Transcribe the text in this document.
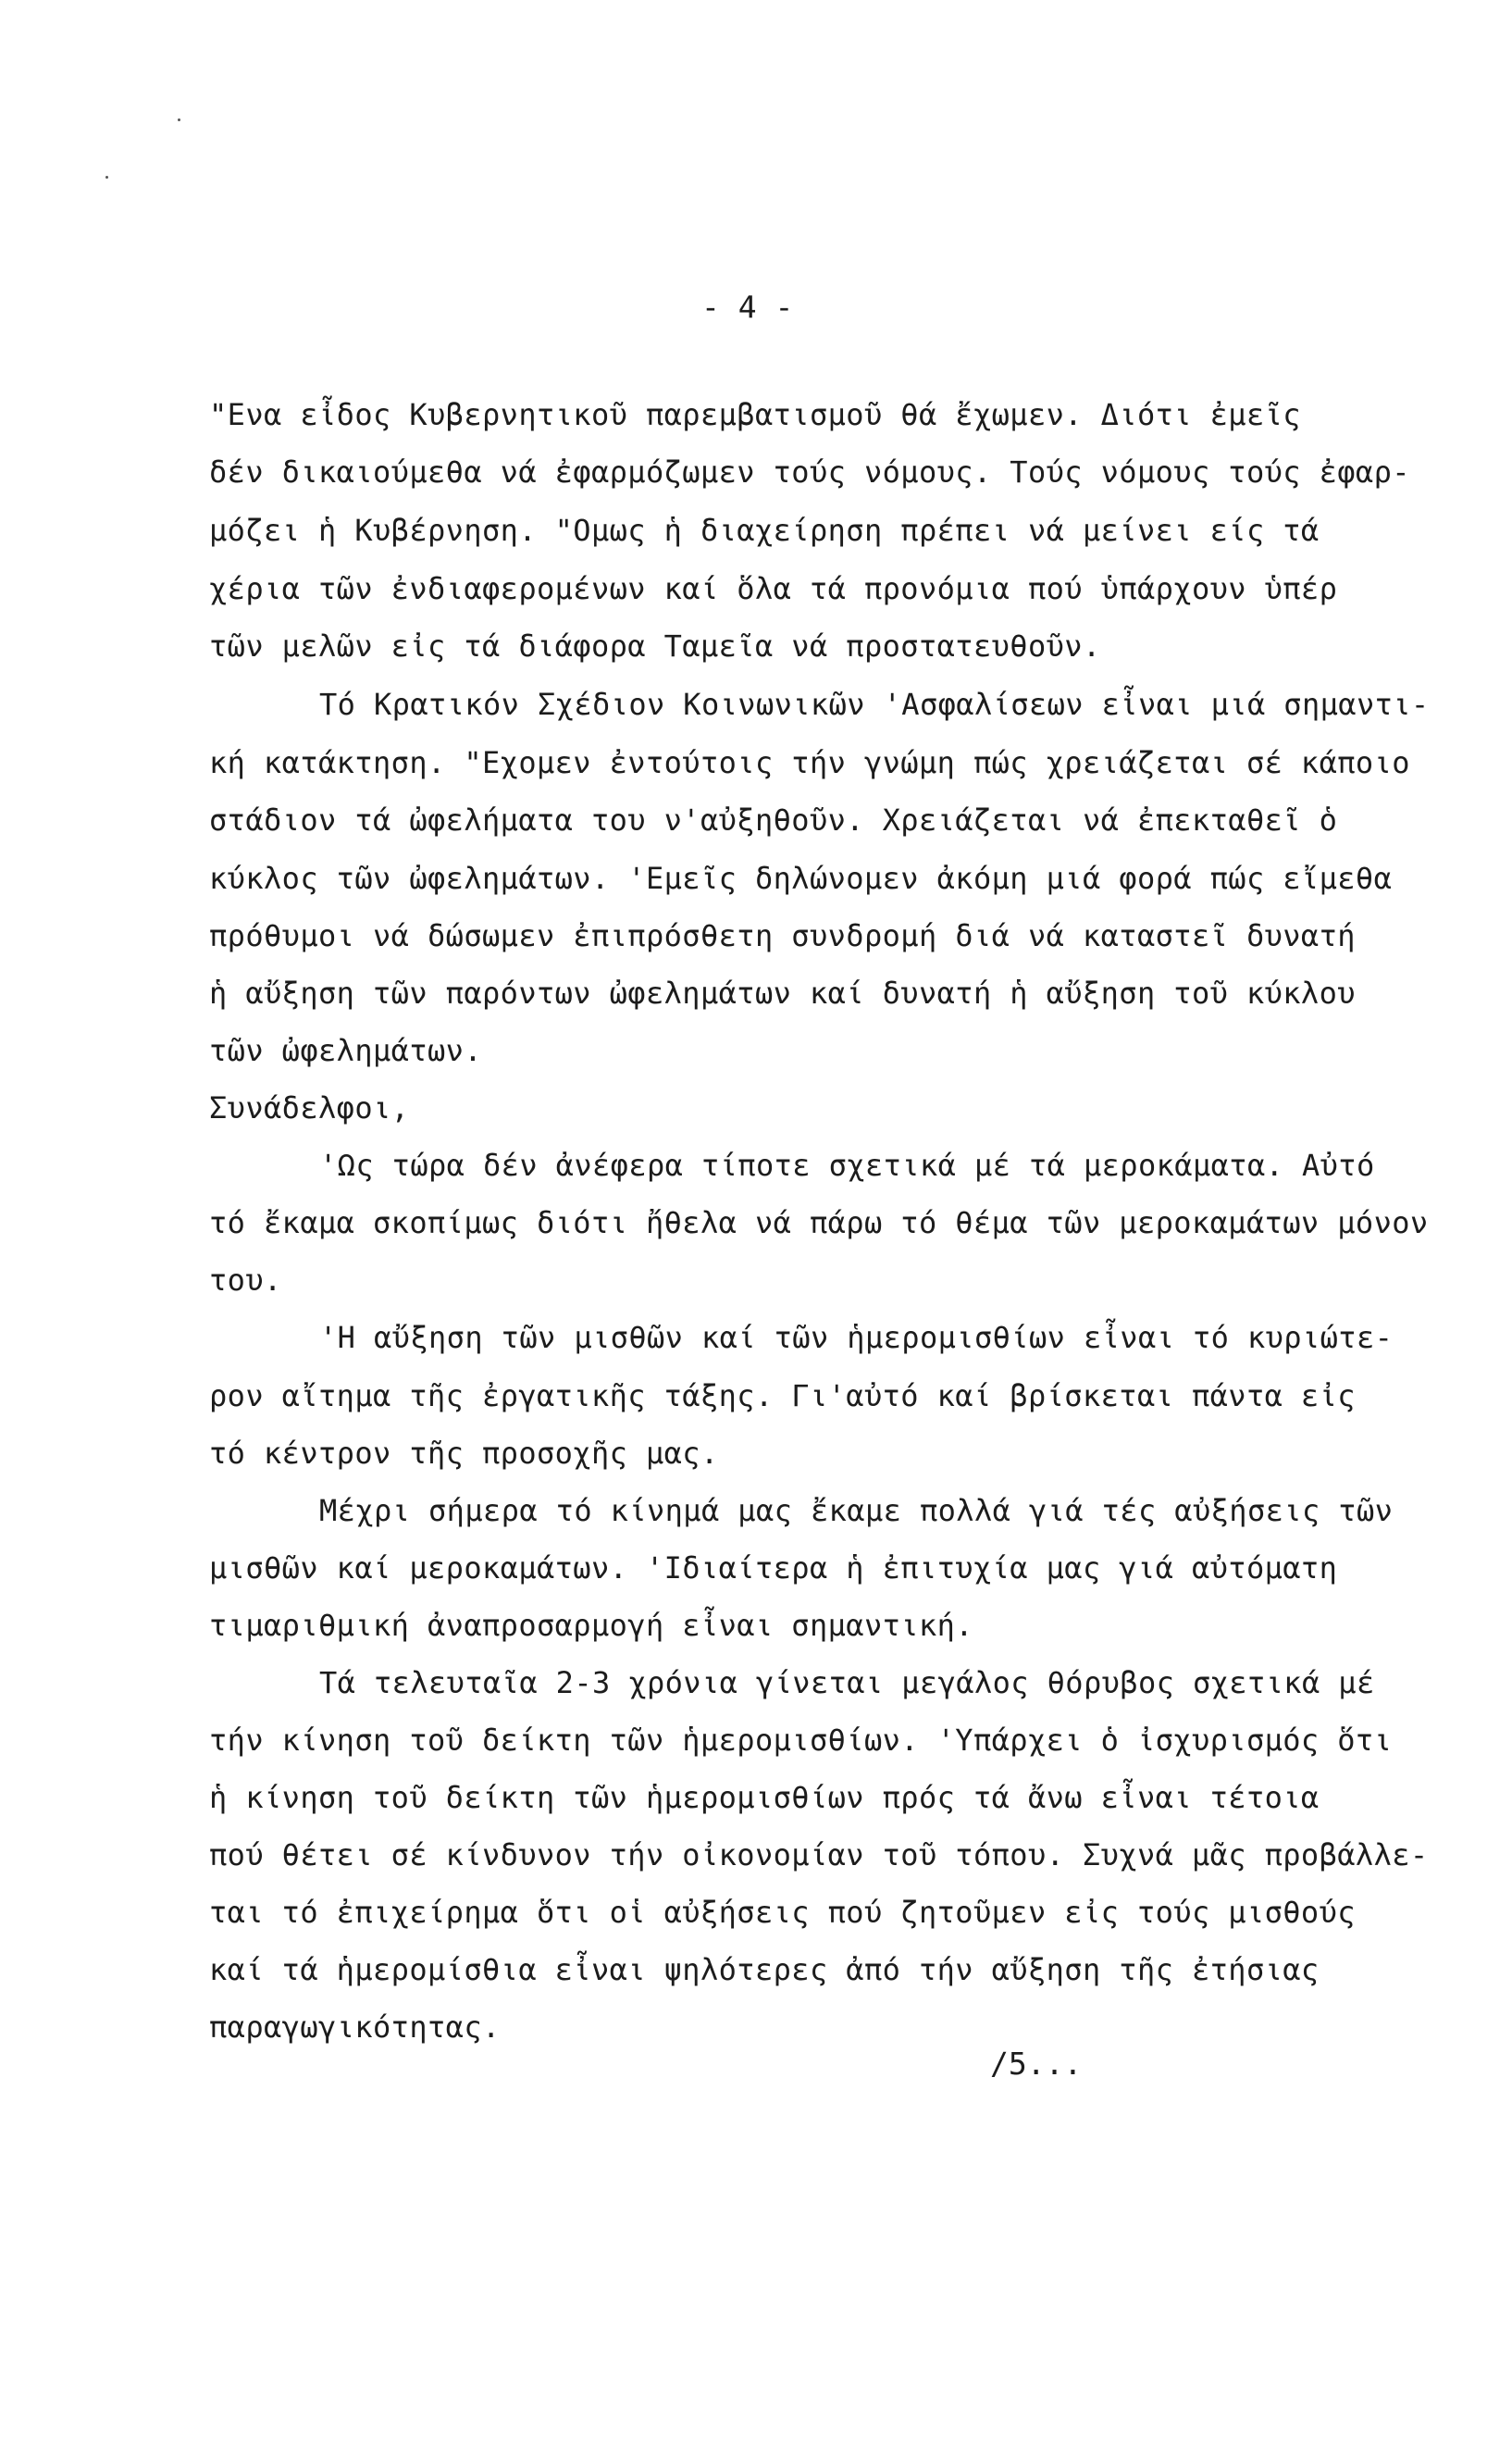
- 4 -
"Ενα εἶδος Κυβερνητικοῦ παρεμβατισμοῦ θά ἔχωμεν. Διότι ἐμεῖς
δέν δικαιούμεθα νά ἐφαρμόζωμεν τούς νόμους. Τούς νόμους τούς ἐφαρ-
μόζει ἡ Κυβέρνηση. "Ομως ἡ διαχείρηση πρέπει νά μείνει είς τά
χέρια τῶν ἐνδιαφερομένων καί ὅλα τά προνόμια πού ὑπάρχουν ὑπέρ
τῶν μελῶν εἰς τά διάφορα Ταμεῖα νά προστατευθοῦν.
Τό Κρατικόν Σχέδιον Κοινωνικῶν 'Ασφαλίσεων εἶναι μιά σημαντι-
κή κατάκτηση. "Εχομεν ἐντούτοις τήν γνώμη πώς χρειάζεται σέ κάποιο
στάδιον τά ὠφελήματα του ν'αὐξηθοῦν. Χρειάζεται νά ἐπεκταθεῖ ὁ
κύκλος τῶν ὠφελημάτων. 'Εμεῖς δηλώνομεν ἀκόμη μιά φορά πώς εἴμεθα
πρόθυμοι νά δώσωμεν ἐπιπρόσθετη συνδρομή διά νά καταστεῖ δυνατή
ἡ αὔξηση τῶν παρόντων ὠφελημάτων καί δυνατή ἡ αὔξηση τοῦ κύκλου
τῶν ὠφελημάτων.
Συνάδελφοι,
'Ως τώρα δέν ἀνέφερα τίποτε σχετικά μέ τά μεροκάματα. Αὐτό
τό ἔκαμα σκοπίμως διότι ἤθελα νά πάρω τό θέμα τῶν μεροκαμάτων μόνον
του.
'Η αὔξηση τῶν μισθῶν καί τῶν ἡμερομισθίων εἶναι τό κυριώτε-
ρον αἴτημα τῆς ἐργατικῆς τάξης. Γι'αὐτό καί βρίσκεται πάντα εἰς
τό κέντρον τῆς προσοχῆς μας.
Μέχρι σήμερα τό κίνημά μας ἔκαμε πολλά γιά τές αὐξήσεις τῶν
μισθῶν καί μεροκαμάτων. 'Ιδιαίτερα ἡ ἐπιτυχία μας γιά αὐτόματη
τιμαριθμική ἀναπροσαρμογή εἶναι σημαντική.
Τά τελευταῖα 2-3 χρόνια γίνεται μεγάλος θόρυβος σχετικά μέ
τήν κίνηση τοῦ δείκτη τῶν ἡμερομισθίων. 'Υπάρχει ὁ ἰσχυρισμός ὅτι
ἡ κίνηση τοῦ δείκτη τῶν ἡμερομισθίων πρός τά ἄνω εἶναι τέτοια
πού θέτει σέ κίνδυνον τήν οἰκονομίαν τοῦ τόπου. Συχνά μᾶς προβάλλε-
ται τό ἐπιχείρημα ὅτι οἱ αὐξήσεις πού ζητοῦμεν εἰς τούς μισθούς
καί τά ἡμερομίσθια εἶναι ψηλότερες ἀπό τήν αὔξηση τῆς ἐτήσιας
παραγωγικότητας.
/5...
